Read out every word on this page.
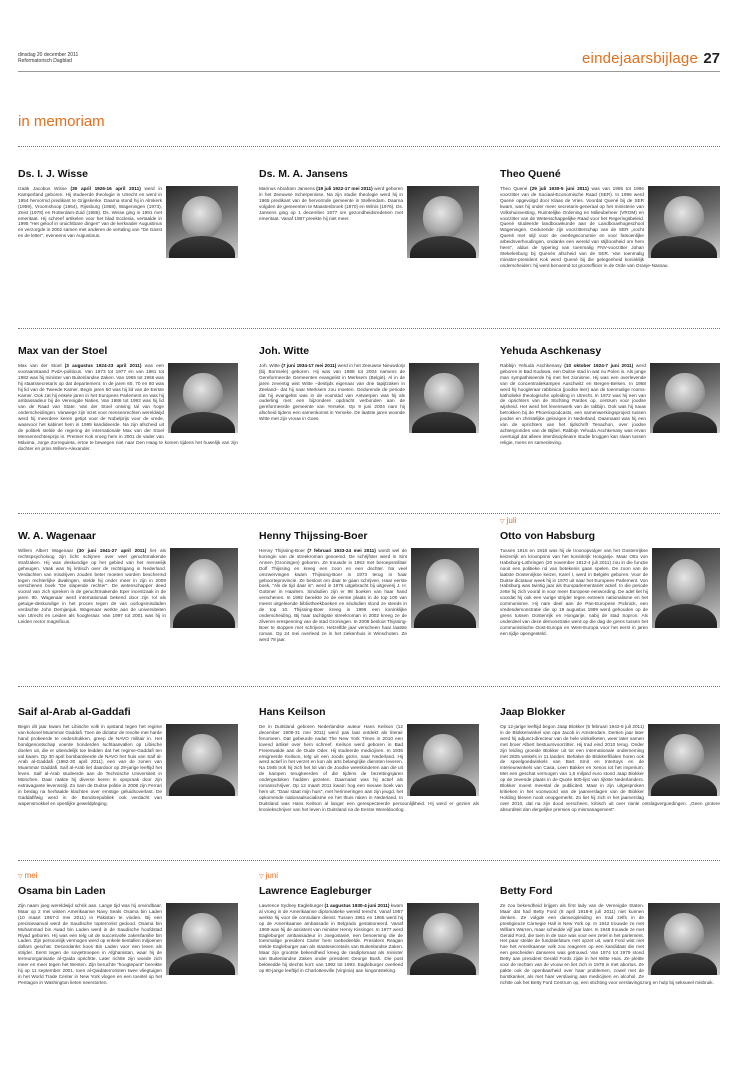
dinsdag 20 december 2011
Reformatorisch Dagblad	eindejaarsbijlage 27
in memoriam
Ds. I. J. Wisse

Izaäk Jacobus Wisse (30 april 1926-16 april 2011) werd in Kamperland geboren. Hij studeerde theologie in Utrecht en werd in 1954 hervormd predikant te Grijpskerke. Daarna stond hij in Almkerk (1959), Vroomshoop (1964), Rijssburg (1968), Wageningen (1973), Zeist (1978) en Rotterdam-Zuid (1986). Ds. Wisse ging in 1991 met emeritaat. Hij schreef artikelen voor het blad Ecclesia, vertaalde in 1995 "Het geloof in oruichtbare dingen" van de kerkvader Augustinus en verzorgde in 2002 samen met anderen de vertaling van "De Gasst en de letter", eveneens van Augustinus.

Ds. M. A. Jansens

Marinus Abraham Jansens (19 juli 1922-17 mei 2011) werd geboren in het Zeeuwse Scherpenisse. Na zijn studie theologie werd hij in 1965 predikant van de hervormde gemeente in Stellendam. Daarna volgden de gemeenten te Maastenbroek (1970) en Wilnis (1976). Ds. Jansens ging op 1 december 1977 om gezondheidsredenen met emeritaat. Vanaf 1987 preekte hij niet meer.

Theo Quené

Theo Quené (29 juli 1930-5 juni 2011) was van 1985 tot 1996 voorzitter van de Sociaal-Economische Raad (SER). In 1996 werd Quené opgevolgd door Klaas de Vries. Voordat Quené bij de SER kwam, was hij onder meer secretaris-generaal op het ministerie van Volkshuisvesting, Ruimtelijke Ordening en Milieubeheer (VROM) en voorzitter van de Wetenschappelijke Raad voor het Regeringsbeleid. Quené studeerde landbouwkunde aan de Landbouwhogeschool Wageningen. Gedurende zijn voorzitterschap van de SER „vocht Quené met stijl voor de overlegeconomie en voor fatsoenlijke arbeidsverhoudingen, ondanks een wereld van stijlloosheid om hem heen", aldus de typering van toenmalig FNV-voorzitter Johan Stekelenburg bij Quenés afscheid van de SER. Van toenmalig minister-president Kok werd Quené bij die gelegenheid koninklijk onderscheiden: hij werd benoemd tot grootofficier in de Orde van Oranje-Nassau.

Max van der Stoel

Max van der Stoel (3 augustus 1924-23 april 2011) was een vooraanstaand PvdA-politicus. Van 1973 tot 1977 en van 1981 tot 1982 was hij minister van Buitenlandse Zaken. Van 1965 tot 1966 was hij staatssecretaris op dat departement. In de jaren 60, 70 en 80 was hij lid van de Tweede Kamer. Begin jaren 60 was hij lid van de Eerste Kamer. Ook zat hij enkele jaren in het Europees Parlement en was hij ambassadeur bij de Verenigde Naties. Van 1986 tot 1993 was hij lid van de Raad van State. Van der Stoel ontving tal van hoge onderscheidingen. Vanwege zijn inzet voor mensenrechten wereldwijd werd hij meerdere keren getipt voor de Nobelprijs voor de vrede, waarvoor het kabinet hem in 1999 kandideerde. Na zijn afscheid uit de politiek stelde de regering de internationale Max van der Stoel Mensenrechtenprijs in. Premier Kok vroeg hem in 2001 de vader van Máxima, Jorge Zorreguieta, ertoe te bewegen niet naar Den Haag te komen tijdens het huwelijk van zijn dochter en prins Willem-Alexander.

Joh. Witte

Joh. Witte (7 juni 1934-17 mei 2011) werd in het Zeeuwse Nieuwdorp (bij Borssele) geboren. Hij was van 1988 tot 2004 namens de Gereformeerde Gemeenten evangelist in Merksem (België). Al in de jaren zeventig wist Witte –destijds eigenaar van drie tapijtzaken in Zeeland– dat hij naar Merksem zou moeten. Gedurende de periode dat hij evangelist was in de voorstad van Antwerpen was hij als ouderling met een bijzondere opdracht verbonden aan de gereformeerde gemeente van Yerseke. Op 9 juni 2004 nam hij afscheid tijdens een samenkomst in Yerseke. De laatste jaren woonde Witte met zijn vrouw in Goes.

Yehuda Aschkenasy

Rabbijn Yehuda Aschkenasy (10 oktober 1924-7 juni 2011) werd geboren in Bad Kudowa, een Duitse stad in wat nu Polen is. Als jonge man sympathiseerde hij met het zionisme. Hij was een overlevende van de concentratiekampen Auschwitz en Bergen-Belsen. In 1968 werd hij hoogleraar rabbinica (joodse leer) aan de toenmalige rooms-katholieke theologische opleiding in Utrecht. In 1972 was hij een van de oprichters van de Stichting Pardes op, centrum voor joodse wijsheid. Het werd het levenswerk van de rabbijn. Ook was hij nauw betrokken bij de Phoenixpodcasts, een samenwerkingsproject tussen joodse en christelijke gelovigen in Nederland. Daarnaast was hij een van de oprichters van het tijdschrift Tenachon, over joodse achtergronden van de Bijbel. Rabbijn Yehuda Aschkenasy was ervan overtuigd dat alleen interdisciplinaire studie bruggen kan slaan tussen religie, mens en samenleving.

W. A. Wagenaar

Willem Albert Wagenaar (30 juni 1941-27 april 2011) liet als rechtspsycholoog zijn licht schijnen over veel geruchtmakende strafzaken. Hij was deskundige op het gebied van het menselijk geheugen. Vaak was hij kritisch over de rechtsgang in Nederland. Verdachten van misdrijven zouden beter moeten worden beschermd tegen rechterlijke dwalingen, stelde hij onder meer in zijn in 2009 verschenen boek "De slapende rechter". De wetenschapper deed vooral van zich spreken in de geruchtmakende Eper incestzaak in de jaren 90. Wagenaar werd internationaal bekend door zijn rol als getuige-deskundige in het proces tegen de van oorlogsmisdaden verdachte John Demjanjuk. Wagenaar werkte aan de universiteiten van Utrecht en Leiden als hoogleraar. Van 1997 tot 2001 was hij in Leiden rector magnificus.

Henny Thijssing-Boer

Henny Thijssing-Boer (7 februari 1933-24 mei 2011) wordt wel de koningin van de streekroman genoemd. De schrijfster werd in Sint Annen (Groningen) geboren. Ze trouwde in 1953 met beroepsmilitair Dolf Thijssing en kreeg een zoon en een dochter. Na veel omzwervingen kwam Thijssing-Boer in 1973 terug in haar geboorteprovincie. Ze besloot om daar te gaan schrijven. Haar eerste boek, "Als de tijd daar is", werd in 1976 uitgebracht bij uitgeverij J. H. Gottmer in Haarlem. Sindsdien zijn er 98 boeken van haar hand verschenen. In 1992 bereikte ze de eerste plaats in de top 100 van meest uitgeleende bibliotheekboeken en sindsdien stond ze steeds in de top 10. Thijssing-Boer kreeg in 1996 een koninklijke onderscheiding. Bij haar tachtigste streekroman in 2002 kreeg ze de zilveren erespenning van de stad Groningen. In 2008 besloot Thijssing-Boer te stoppen met schrijven. Hetzelfde jaar verscheen haar laatste roman. Op 24 mei overleed ze in het ziekenhuis in Winschoten. Ze werd 78 jaar.

▽ juli
Otto von Habsburg

Tussen 1916 en 1918 was hij de troonopvolger van het Oostenrijkse keizerrijk en kroonprins van het koninkrijk Hongarije. Maar Otto von Habsburg-Lothringen (20 november 1912-4 juli 2011) zou in die functie nooit een politieke rol van betekenis gaan spelen. De zoon van de laatste Oostenrijkse keizer, Karel I, werd in Belgiën geboren. Voor de Duitse dictatuur week hij in 1970 uit naar het Europees Parlement. Von Habsburg was twintig jaar als Europarlementariër actief. In die periode zette hij zich vooral in voor meer Europese eenwording. De adel liet hij voordat hij ook een vurige strijder tegen extreem nationalisme en het communisme. Hij nam deel aan de Pan-Europese Picknick, een vredesdemonstratie die op 19 augustus 1989 werd gehouden op de grens tussen Oostenrijk en Hongarije, nabij de stad Sopron. Als onderdeel van deze demonstratie werd op die dag de grens tussen het communistische Oost-Europa en West-Europa voor het eerst in jaren een tijdje opengesteld.

Saif al-Arab al-Gaddafi

Begin dit jaar kwam het Libische volk in opstand tegen het regime van kolonel Muammar Gaddafi. Toen de dictator de revolte met harde hand probeerde te onderdrukken, greep de NAVO militair in. Het bondgenootschap voerde honderden luchtaanvallen op Libische doelen uit, die er uiteindelijk toe leidden dat het regime-Gaddafi ten val kwam. Op 30 april bombardeerde de NAVO het huis van Saif al-Arab al-Gaddafi (1982-30 april 2011), een van de zonen van Muammar Gaddafi. Saif al-Arab liet daardoor op 29-jarige leeftijd het leven. Saif al-Arab studeerde aan de Technische Universiteit in München. Daar raakte hij diverse keren in opspraak door zijn extravagante levensstijl. Zo nam de Duitse politie in 2008 zijn Ferrari in beslag na herhaalde klachten over ernstige geluidsoverlast. De Gaddafifwig werd in de Bondsrepubliek ook verdacht van wapensmokkel en openlijke geweldpleging.

Hans Keilson

De in Duitsland geboren Nederlandse auteur Hans Keilson (12 december 1909-31 mei 2011) werd pas laat ontdekt als literair fenomeen. Dat gebeurde nadat The New York Times in 2010 een lovend artikel over hem schreef. Keilson werd geboren in Bad Freienwalde aan de Oude Oder. Hij studeerde medicijnen. In 1936 emigreerde Keilson, telg uit een Joods gezin, naar Nederland. Hij werd actief in het verzet en kon als arts belangrijke diensten leveren. Na 1945 trok hij zich het lot van de Joodse weeskinderen aan die uit de kampen terugkeerden of die tijdens de bezettingsjaren ondergedoken hadden gezeten. Daarnaast was hij actief als romanschrijver. Op 12 maart 2011 kwam hog een nieuwe boek van hem uit: "Daar staat mijn huis", met herinneringen aan zijn jeugd, het opkomende nationaalsocialisme en het thuis raken in Nederland. In Duitsland was Hans Keilson al langer een gerespecteerde persoonlijkheid. Hij werd er gezien als kroniekschrijver van het leven in Duitsland na de Eerste Wereldoorlog.

Jaap Blokker

Op 12-jarige leeftijd begon Jaap Blokker (5 februari 1942-8 juli 2011) in de Blokkerwinkel van opa Jacob in Amsterdam. Dertien jaar later werd hij adjunct-directeur van de hele winkelketen, weer later samen met broer Albert bestuursvoorzitter. Hij trad eind 2010 terug. Onder zijn leiding groeide Blokker uit tot een internationale onderneming met 2825 winkels in 11 landen. Behalve de Blokkerfilialen horen ook de speelgoedwinkels van Bart Smit en Intertoys en de interieurwinkels van Casa, Leen Bakker en Xenos tot het imperium. Met een geschat vermogen van 1,6 miljard euro stond Jaap Blokker op de zevende plaats in de Quote 500-lijst van rijkste Nederlanders. Blokker moest meestal de publiciteit. Maar in zijn uitgesproken kritieken in het voorwoord van de jaarverslagen van de Blokker Holding bleven nooit onopgemerkt. Zo liet hij zich in het jaarverslag over 2010, dat na zijn dood verscheen, kritisch uit over rianle ontslagvergoedingen. „Geen grotere absurditeit dan dergelijke premies op mismanagement".

▽ mei
Osama bin Laden

Zijn naam joeg wereldwijd schrik aan. Lange tijd was hij onvindbaar. Maar op 2 mei wisten Amerikaanse Navy Seals Osama bin Laden (10 maart 1957-2 mei 2011) in Pakistan te vinden. Bij een precisieaanval werd de Saudische topterrorist gedood. Osama bin Muhammad bin Awad bin Laden werd in de Saudische hoofdstad Riyad geboren. Hij was een telg uit de succesvolle zakenfamilie bin Laden. Zijn persoonlijk vermogen werd op enkele tientallen miljoenen dollars geschat. Desondanks koos Bin Laden voor een leven als strijder. Eerst tegen de sovjettroepen in Afghanistan, waar hij de terreurorganisatie al-Qaida oprichtte. Later richtte zijn woede zich meer en meer tegen het Westen. Zijn beruchte "hoogtepunt" bereikte hij op 11 september 2001, toen al-Qaidaterroristen twee vliegtuigen in het World Trade Center in New York vlogen en een toestel op het Pentagon in Washington lieten neerstorten.

▽ juni
Lawrence Eagleburger

Lawrence Sydney Eagleburger (1 augustus 1930-4 juni 2011) kwam al vroeg in de Amerikaanse diplomatieke wereld terecht. Vanaf 1957 werkte hij voor de consulaire dienst. Tussen 1961 en 1965 werd hij op de Amerikaanse ambassade in Belgrado gestationeerd. Vanaf 1969 was hij de assistent van minister Henry Kissinger. In 1977 werd Eagleburger ambassadeur in Joegoslavië, een benoeming die de toenmalige president Carter hem toebedeelde. President Reagan stelde Eagleburger aan als staatssecretaris van Buitenlandse Zaken. Maar zijn grootste bekendheid kreeg de rasdiplomaat als minister van Buitenlandse Zaken onder president George Bush. Die post bekleedde hij slechts kort: van 1992 tot 1993. Eagleburger overleed op 80-jarige leeftijd in Charlottesville (Virginia) aan longontsteking.

Betty Ford

Ze zou bekendheid krijgen als first lady van de Verenigde Staten. Maar dat had Betty Ford (8 april 1918-8 juli 2011) niet kunnen denken. Ze volgde een danseopleiding en trad zelfs in de prestigieuze Carnegie Hall in New York op. In 1942 trouwde ze met William Warren, maar scheidde vijf jaar later. In 1948 trouwde ze met Gerald Ford, die toen in de race was voor een zetel in het parlement. Het paar stelde de fundatiefatum met opzet uit, want Ford wist niet hoe het Amerikaanse volk zou reageren op een kandidaat die met een gescheiden danseres was getrouwd. Van 1974 tot 1979 stond Betty aan president Gerald Fords zijde in het Witte Huis. Ze pleitte voor de rechten van de vrouw en liet zich in 1978 in met abortus. Ze pakte ook de openbaarheid over haar problemen, zowel met de borstkanker, als met haar verslaving aan medicijnen en alcohol. Ze richtte ook het Betty Ford Centrum op, een stichting voor verslavingszorg en hulp bij seksueel misbruik.
